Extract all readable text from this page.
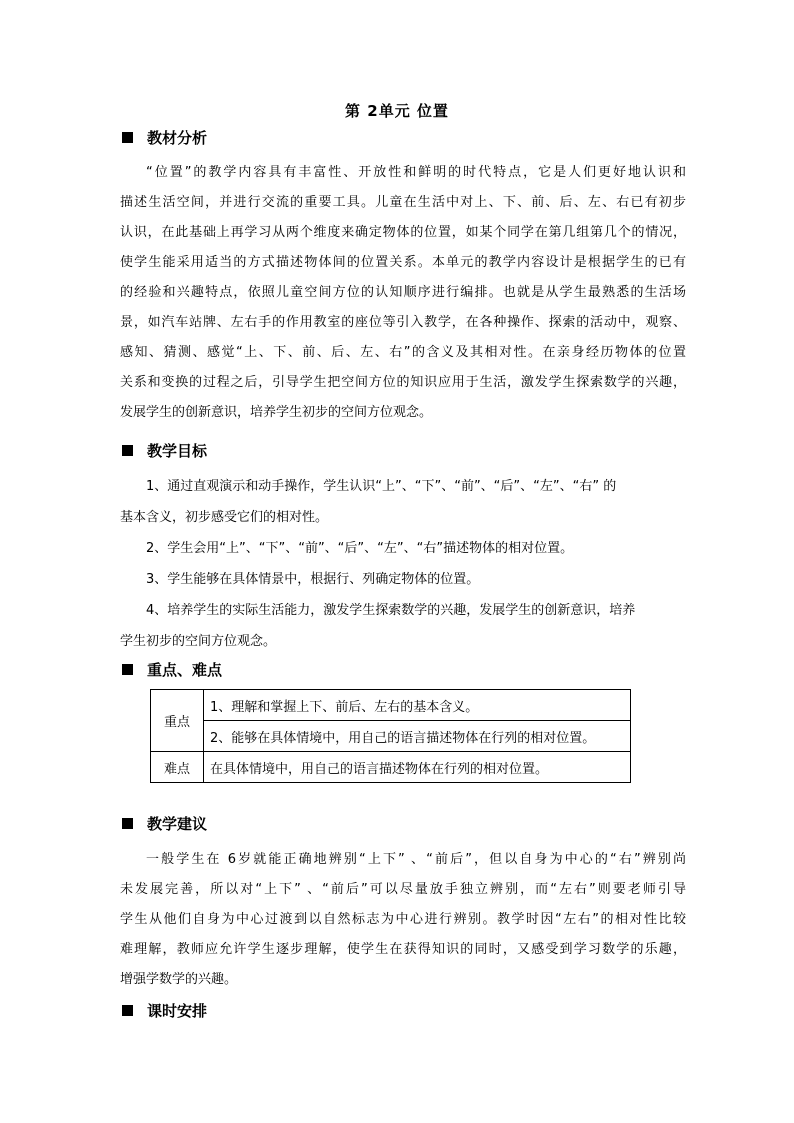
第 2单元 位置
教材分析
“位置”的教学内容具有丰富性、开放性和鲜明的时代特点，它是人们更好地认识和
描述生活空间，并进行交流的重要工具。儿童在生活中对上、下、前、后、左、右已有初步
认识，在此基础上再学习从两个维度来确定物体的位置，如某个同学在第几组第几个的情况，
使学生能采用适当的方式描述物体间的位置关系。本单元的教学内容设计是根据学生的已有
的经验和兴趣特点，依照儿童空间方位的认知顺序进行编排。也就是从学生最熟悉的生活场
景，如汽车站牌、左右手的作用教室的座位等引入教学，在各种操作、探索的活动中，观察、
感知、猜测、感觉“上、下、前、后、左、右”的含义及其相对性。在亲身经历物体的位置
关系和变换的过程之后，引导学生把空间方位的知识应用于生活，激发学生探索数学的兴趣，
发展学生的创新意识，培养学生初步的空间方位观念。
教学目标
1、通过直观演示和动手操作，学生认识“上”、“下”、“前”、“后”、“左”、“右” 的
基本含义，初步感受它们的相对性。
2、学生会用“上”、“下”、“前”、“后”、“左”、“右”描述物体的相对位置。
3、学生能够在具体情景中，根据行、列确定物体的位置。
4、培养学生的实际生活能力，激发学生探索数学的兴趣，发展学生的创新意识，培养
学生初步的空间方位观念。
重点、难点
重点	1、理解和掌握上下、前后、左右的基本含义。
	2、能够在具体情境中，用自己的语言描述物体在行列的相对位置。
难点	在具体情境中，用自己的语言描述物体在行列的相对位置。
教学建议
一般学生在 6岁就能正确地辨别“上下” 、“前后”，但以自身为中心的“右”辨别尚
未发展完善，所以对“上下” 、“前后”可以尽量放手独立辨别，而“左右”则要老师引导
学生从他们自身为中心过渡到以自然标志为中心进行辨别。教学时因“左右”的相对性比较
难理解，教师应允许学生逐步理解，使学生在获得知识的同时，又感受到学习数学的乐趣，
增强学数学的兴趣。
课时安排
